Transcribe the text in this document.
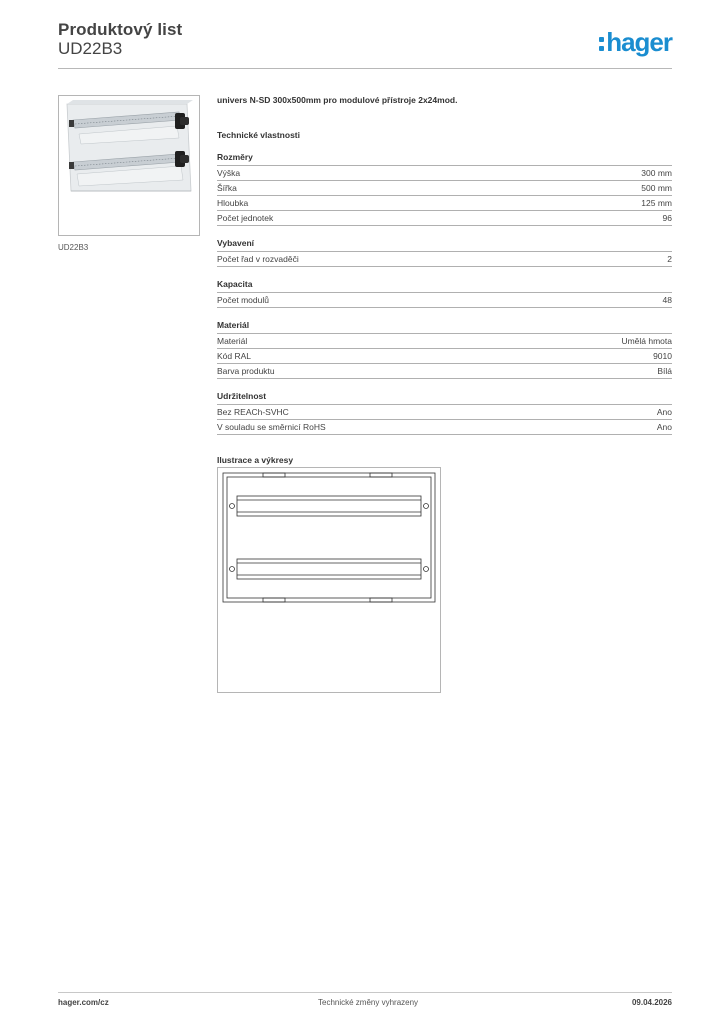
Produktový list
UD22B3	hager
UD22B3
univers N-SD 300x500mm pro modulové přístroje 2x24mod.
Technické vlastnosti
Rozměry
Výška	300 mm
Šířka	500 mm
Hloubka	125 mm
Počet jednotek	96
Vybavení
Počet řad v rozvaděči	2
Kapacita
Počet modulů	48
Materiál
Materiál	Umělá hmota
Kód RAL	9010
Barva produktu	Bílá
Udržitelnost
Bez REACh-SVHC	Ano
V souladu se směrnicí RoHS	Ano
Ilustrace a výkresy
hager.com/cz	Technické změny vyhrazeny	09.04.2026
